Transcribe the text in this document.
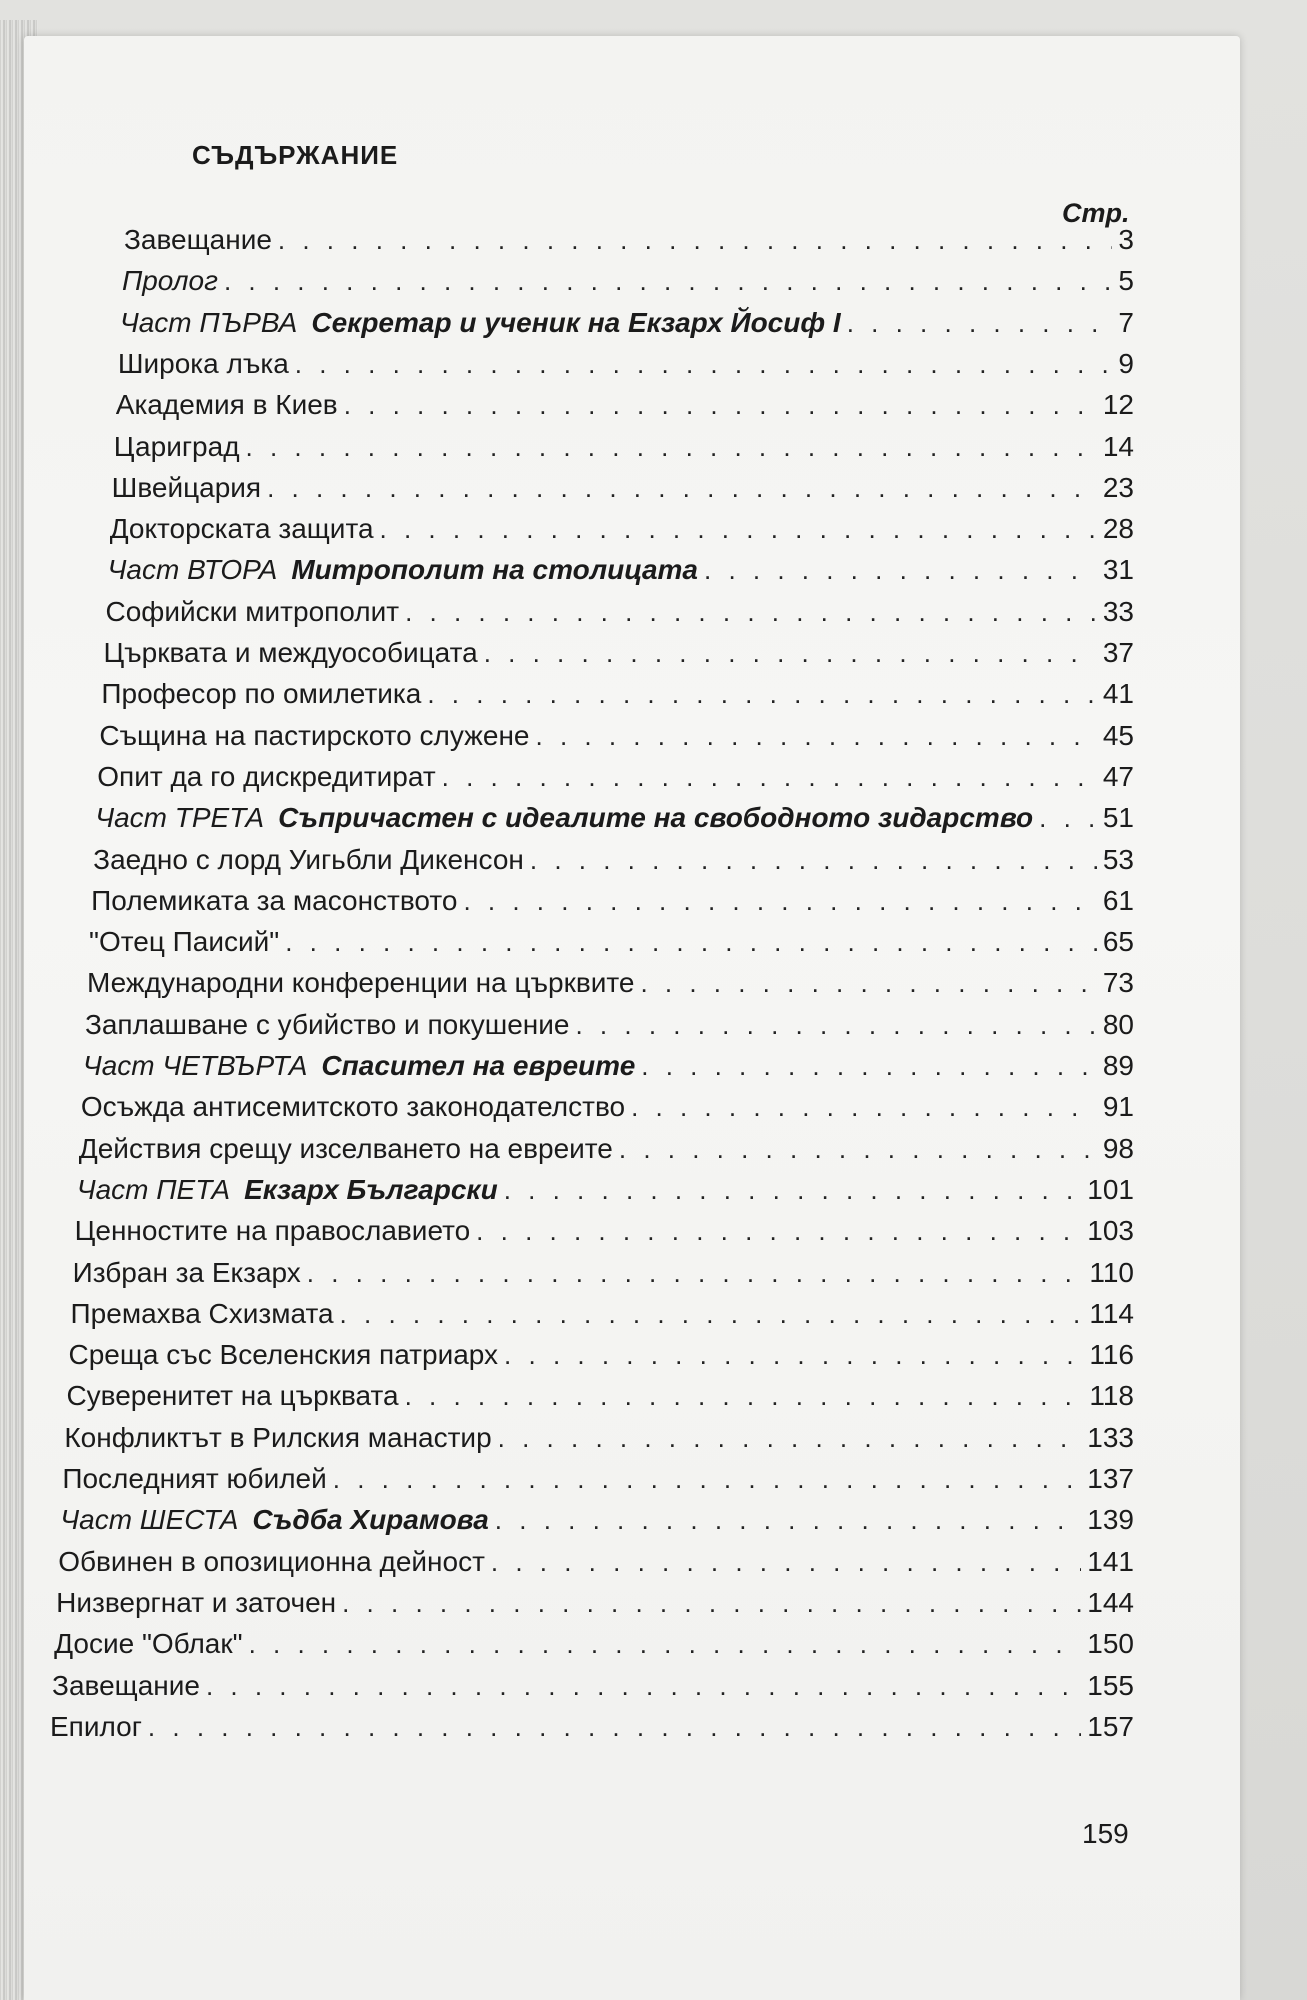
СЪДЪРЖАНИЕ
Стр.
Завещание . . .	3
Пролог . . .	5
Част ПЪРВА Секретар и ученик на Екзарх Йосиф I . . .	7
Широка лъка . . .	9
Академия в Киев . . .	12
Цариград . . .	14
Швейцария . . .	23
Докторската защита . . .	28
Част ВТОРА Митрополит на столицата . . .	31
Софийски митрополит . . .	33
Църквата и междуособицата . . .	37
Професор по омилетика . . .	41
Същина на пастирското служене . . .	45
Опит да го дискредитират . . .	47
Част ТРЕТА Съпричастен с идеалите на свободното зидарство . . . 51
Заедно с лорд Уигьбли Дикенсон . . .	53
Полемиката за масонството . . .	61
"Отец Паисий" . . .	65
Международни конференции на църквите . . .	73
Заплашване с убийство и покушение . . .	80
Част ЧЕТВЪРТА Спасител на евреите . . .	89
Осъжда антисемитското законодателство . . .	91
Действия срещу изселването на евреите . . .	98
Част ПЕТА Екзарх Български . . .	101
Ценностите на православието . . .	103
Избран за Екзарх . . .	110
Премахва Схизмата . . .	114
Среща със Вселенския патриарх . . .	116
Суверенитет на църквата . . .	118
Конфликтът в Рилския манастир . . .	133
Последният юбилей . . .	137
Част ШЕСТА Съдба Хирамова . . .	139
Обвинен в опозиционна дейност . . .	141
Низвергнат и заточен . . .	144
Досие "Облак" . . .	150
Завещание . . .	155
Епилог . . .	157
159
